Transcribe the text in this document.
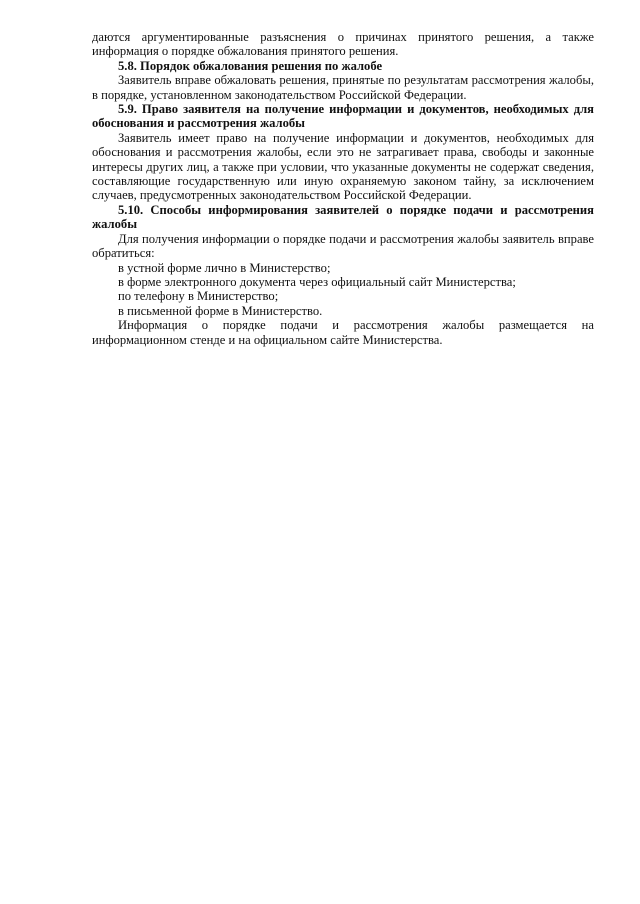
даются аргументированные разъяснения о причинах принятого решения, а также информация о порядке обжалования принятого решения.

5.8. Порядок обжалования решения по жалобе

Заявитель вправе обжаловать решения, принятые по результатам рассмотрения жалобы, в порядке, установленном законодательством Российской Федерации.

5.9. Право заявителя на получение информации и документов, необходимых для обоснования и рассмотрения жалобы

Заявитель имеет право на получение информации и документов, необходимых для обоснования и рассмотрения жалобы, если это не затрагивает права, свободы и законные интересы других лиц, а также при условии, что указанные документы не содержат сведения, составляющие государственную или иную охраняемую законом тайну, за исключением случаев, предусмотренных законодательством Российской Федерации.

5.10. Способы информирования заявителей о порядке подачи и рассмотрения жалобы

Для получения информации о порядке подачи и рассмотрения жалобы заявитель вправе обратиться:

в устной форме лично в Министерство;

в форме электронного документа через официальный сайт Министерства;

по телефону в Министерство;

в письменной форме в Министерство.

Информация о порядке подачи и рассмотрения жалобы размещается на информационном стенде и на официальном сайте Министерства.
